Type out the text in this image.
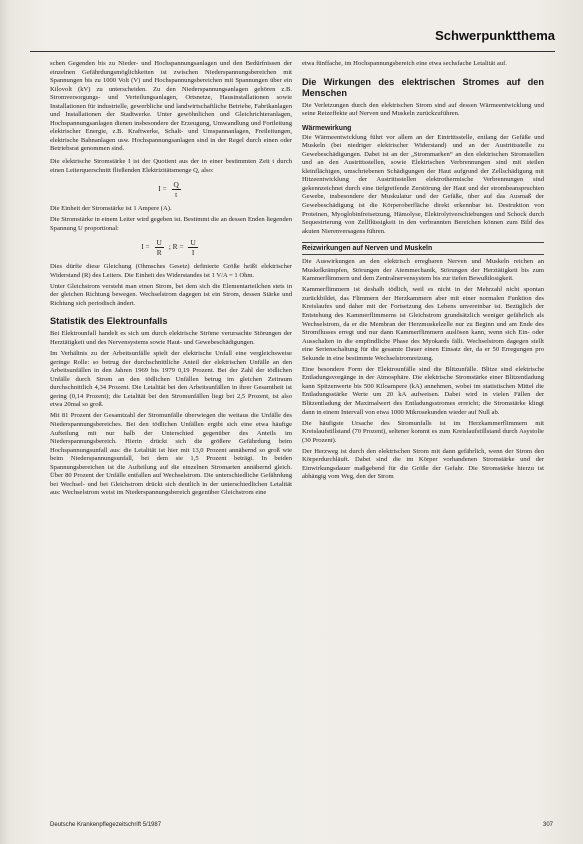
Schwerpunktthema

schen Gegenden bis zu Nieder- und Hochspannungsanlagen und den Bedürfnissen der einzelnen Gefährdungsmöglichkeiten ist zwischen Niederspannungsbereichen mit Spannungen bis zu 1000 Volt (V) und Hochspannungsbereichen mit Spannungen über ein Kilovolt (kV) zu unterscheiden. Zu den Niederspannungsanlagen gehören z.B. Stromversorgungs- und Verteilungsanlagen, Ortsnetze, Hausinstallationen sowie Installationen für industrielle, gewerbliche und landwirtschaftliche Betriebe, Fabrikanlagen und Installationen der Stadtwerke. Unter gewöhnlichen und Gleichrichteranlagen, Hochspannungsanlagen dienen insbesondere der Erzeugung, Umwandlung und Fortleitung elektrischer Energie, z.B. Kraftwerke, Schalt- und Umspannanlagen, Freileitungen, elektrische Bahnanlagen usw. Hochspannungsanlagen sind in der Regel durch einen oder Betriebsrat genommen sind.

Die elektrische Stromstärke I ist der Quotient aus der in einer bestimmten Zeit t durch einen Leiterquerschnitt fließenden Elektrizitätsmenge Q, also:

$I = \frac{Q}{t}$

Die Einheit der Stromstärke ist 1 Ampere (A).

Die Stromstärke in einem Leiter wird gegeben ist. Bestimmt die an dessen Enden liegenden Spannung U proportional:

$I = \frac{U}{R}$ ; $R = \frac{U}{I}$

Dies dürfte diese Gleichung (Ohmsches Gesetz) definierte Größe heißt elektrischer Widerstand (R) des Leiters. Die Einheit des Widerstandes ist 1 V/A = 1 Ohm.

Unter Gleichstrom versteht man einen Strom, bei dem sich die Elementarteilchen stets in der gleichen Richtung bewegen. Wechselstrom dagegen ist ein Strom, dessen Stärke und Richtung sich periodisch ändert.

Statistik des Elektrounfalls

Bei Elektrounfall handelt es sich um durch elektrische Ströme verursachte Störungen der Herztätigkeit und des Nervensystems sowie Haut- und Gewebeschädigungen.

Im Verhältnis zu der Arbeitsunfälle spielt der elektrische Unfall eine vergleichsweise geringe Rolle: so betrug der durchschnittliche Anteil der elektrischen Unfälle an den Arbeitsunfällen in den Jahren 1969 bis 1979 0,19 Prozent. Bei der Zahl der tödlichen Unfälle durch Strom an den tödlichen Unfällen betrug im gleichen Zeitraum durchschnittlich 4,34 Prozent. Die Letalität bei den Arbeitsunfällen in ihrer Gesamtheit ist gering (0,14 Prozent); die Letalität bei den Stromunfällen liegt bei 2,5 Prozent, ist also etwa 20mal so groß.

Mit 81 Prozent der Gesamtzahl der Stromunfälle überwiegen die weitaus die Unfälle des Niederspannungsbereiches. Bei den tödlichen Unfällen ergibt sich eine etwa häufige Aufteilung mit nur halb der Unterschied gegenüber des Anteils im Niederspannungsbereich. Hierin drückt sich die größere Gefährdung beim Hochspannungsunfall aus: die Letalität ist hier mit 13,0 Prozent annähernd so groß wie beim Niederspannungsunfall, bei dem sie 1,5 Prozent beträgt. In beiden Spannungsbereichen ist die Aufteilung auf die einzelnen Stromarten annähernd gleich. Über 80 Prozent der Unfälle entfallen auf Wechselstrom. Die unterschiedliche Gefährdung bei Wechsel- und bei Gleichstrom drückt sich deutlich in der unterschiedlichen Letalität aus: Wechselstrom weist im Niederspannungsbereich gegenüber Gleichstrom eine

etwa fünffache, im Hochspannungsbereich eine etwa sechsfache Letalität auf.

Die Wirkungen des elektrischen Stromes auf den Menschen

Die Verletzungen durch den elektrischen Strom sind auf dessen Wärmeentwicklung und seine Reizeffekte auf Nerven und Muskeln zurückzuführen.

Wärmewirkung

Die Wärmeentwicklung führt vor allem an der Eintrittsstelle, entlang der Gefäße und Muskeln (bei niedriger elektrischer Widerstand) und an der Austrittsstelle zu Gewebeschädigungen. Dabei ist an der „Strommarken“ an den elektrischen Stromstellen und an den Austrittsstellen, sowie Elektrischen Verbrennungen sind mit steilen kleinflächigen, umschriebenen Schädigungen der Haut aufgrund der Zellschädigung mit Hitzeentwicklung der Austrittsstellen elektrothermische Verbrennungen sind gekennzeichnet durch eine tiefgreifende Zerstörung der Haut und der strombeanspruchten Gewebe, insbesondere der Muskulatur und der Gefäße, über auf das Ausmaß der Gewebeschädigung ist die Körperoberfläche direkt erkennbar ist. Destruktion von Proteinen, Myoglobinfreisetzung, Hämolyse, Elektrolytverschiebungen und Schock durch Sequestrierung von Zellflüssigkeit in den verbrannten Bereichen können zum Bild des akuten Nierenversagens führen.

Reizwirkungen auf Nerven und Muskeln

Die Auswirkungen an den elektrisch erregbaren Nerven und Muskeln reichen an Muskelkrämpfen, Störungen der Atemmechanik, Störungen der Herztätigkeit bis zum Kammerflimmern und dem Zentralnervensystem bis zur tiefen Bewußtlosigkeit.

Kammerflimmern ist deshalb tödlich, weil es nicht in der Mehrzahl nicht spontan zurückbildet, das Flimmern der Herzkammern aber mit einer normalen Funktion des Kreislaufes und daher mit der Fortsetzung des Lebens unvereinbar ist. Bezüglich der Entstehung des Kammerflimmerns ist Gleichstrom grundsätzlich weniger gefährlich als Wechselstrom, da er die Membran der Herzmuskelzelle nur zu Beginn und am Ende des Stromflusses erregt und nur dann Kammerflimmern auslösen kann, wenn sich Ein- oder Ausschalten in die empfindliche Phase des Myokards fällt. Wechselstrom dagegen stellt eine Serienschaltung für die gesamte Dauer einen Einsatz der, da er 50 Erregungen pro Sekunde in eine bestimmte Wechselstromreizung.

Eine besondere Form der Elektrounfälle sind die Blitzunfälle. Blitze sind elektrische Entladungsvorgänge in der Atmosphäre. Die elektrische Stromstärke einer Blitzentladung kann Spitzenwerte bis 500 Kiloampere (kA) annehmen, wobei im statistischen Mittel die Entladungsstärke Werte um 20 kA aufweisen. Dabei wird in vielen Fällen der Blitzentladung der Maximalwert des Entladungsstromes erreicht; die Stromstärke klingt dann in einem Intervall von etwa 1000 Mikrosekunden wieder auf Null ab.

Die häufigste Ursache des Stromunfalls ist im Herzkammerflimmern mit Kreislaufstillstand (70 Prozent), seltener kommt es zum Kreislaufstillstand durch Asystolie (30 Prozent).

Der Herzweg ist durch den elektrischen Strom mit dann gefährlich, wenn der Strom den Körperdurchläuft. Dabei sind die im Körper vorhandenen Stromstärke und der Einwirkungsdauer maßgebend für die Größe der Gefahr. Die Stromstärke hierzu ist abhängig vom Weg, den der Strom

Deutsche Krankenpflegezeitschrift 5/1987	307
